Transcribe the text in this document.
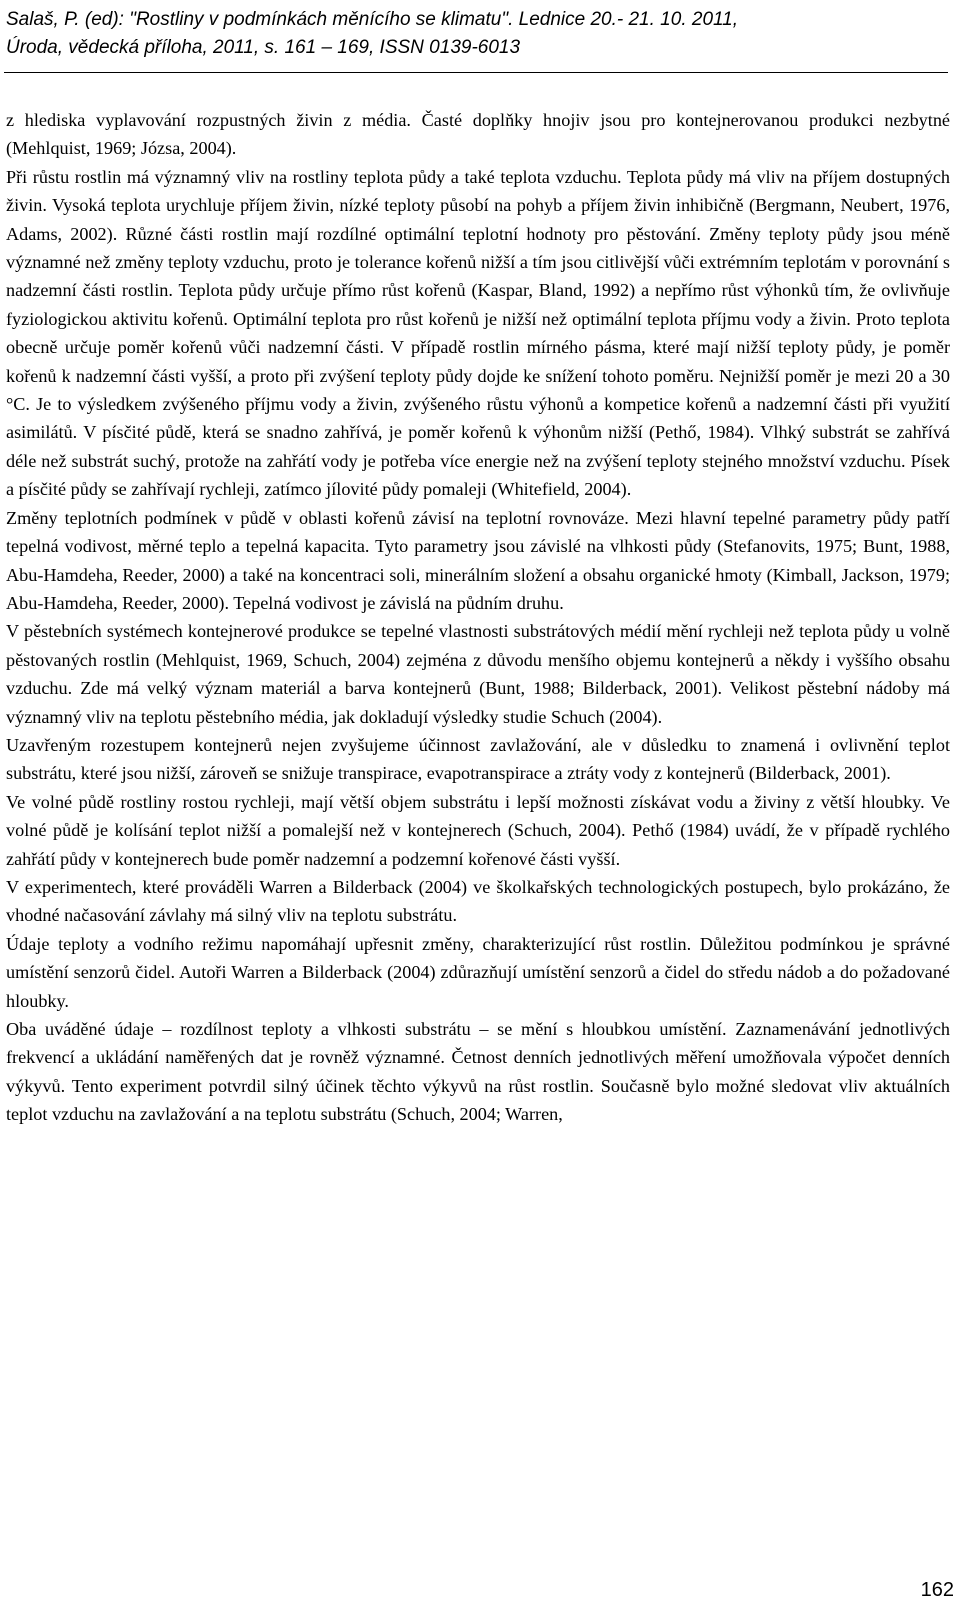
Salaš, P. (ed): "Rostliny v podmínkách měnícího se klimatu". Lednice 20.- 21. 10. 2011,
Úroda, vědecká příloha, 2011, s. 161 – 169, ISSN 0139-6013

z hlediska vyplavování rozpustných živin z média. Časté doplňky hnojiv jsou pro kontejnerovanou produkci nezbytné (Mehlquist, 1969; Józsa, 2004).

Při růstu rostlin má významný vliv na rostliny teplota půdy a také teplota vzduchu. Teplota půdy má vliv na příjem dostupných živin. Vysoká teplota urychluje příjem živin, nízké teploty působí na pohyb a příjem živin inhibičně (Bergmann, Neubert, 1976, Adams, 2002). Různé části rostlin mají rozdílné optimální teplotní hodnoty pro pěstování. Změny teploty půdy jsou méně významné než změny teploty vzduchu, proto je tolerance kořenů nižší a tím jsou citlivější vůči extrémním teplotám v porovnání s nadzemní části rostlin. Teplota půdy určuje přímo růst kořenů (Kaspar, Bland, 1992) a nepřímo růst výhonků tím, že ovlivňuje fyziologickou aktivitu kořenů. Optimální teplota pro růst kořenů je nižší než optimální teplota příjmu vody a živin. Proto teplota obecně určuje poměr kořenů vůči nadzemní části. V případě rostlin mírného pásma, které mají nižší teploty půdy, je poměr kořenů k nadzemní části vyšší, a proto při zvýšení teploty půdy dojde ke snížení tohoto poměru. Nejnižší poměr je mezi 20 a 30 °C. Je to výsledkem zvýšeného příjmu vody a živin, zvýšeného růstu výhonů a kompetice kořenů a nadzemní části při využití asimilátů. V písčité půdě, která se snadno zahřívá, je poměr kořenů k výhonům nižší (Pethő, 1984). Vlhký substrát se zahřívá déle než substrát suchý, protože na zahřátí vody je potřeba více energie než na zvýšení teploty stejného množství vzduchu. Písek a písčité půdy se zahřívají rychleji, zatímco jílovité půdy pomaleji (Whitefield, 2004).

Změny teplotních podmínek v půdě v oblasti kořenů závisí na teplotní rovnováze. Mezi hlavní tepelné parametry půdy patří tepelná vodivost, měrné teplo a tepelná kapacita. Tyto parametry jsou závislé na vlhkosti půdy (Stefanovits, 1975; Bunt, 1988, Abu-Hamdeha, Reeder, 2000) a také na koncentraci soli, minerálním složení a obsahu organické hmoty (Kimball, Jackson, 1979; Abu-Hamdeha, Reeder, 2000). Tepelná vodivost je závislá na půdním druhu.

V pěstebních systémech kontejnerové produkce se tepelné vlastnosti substrátových médií mění rychleji než teplota půdy u volně pěstovaných rostlin (Mehlquist, 1969, Schuch, 2004) zejména z důvodu menšího objemu kontejnerů a někdy i vyššího obsahu vzduchu. Zde má velký význam materiál a barva kontejnerů (Bunt, 1988; Bilderback, 2001). Velikost pěstební nádoby má významný vliv na teplotu pěstebního média, jak dokladují výsledky studie Schuch (2004).

Uzavřeným rozestupem kontejnerů nejen zvyšujeme účinnost zavlažování, ale v důsledku to znamená i ovlivnění teplot substrátu, které jsou nižší, zároveň se snižuje transpirace, evapotranspirace a ztráty vody z kontejnerů (Bilderback, 2001).

Ve volné půdě rostliny rostou rychleji, mají větší objem substrátu i lepší možnosti získávat vodu a živiny z větší hloubky. Ve volné půdě je kolísání teplot nižší a pomalejší než v kontejnerech (Schuch, 2004). Pethő (1984) uvádí, že v případě rychlého zahřátí půdy v kontejnerech bude poměr nadzemní a podzemní kořenové části vyšší.

V experimentech, které prováděli Warren a Bilderback (2004) ve školkařských technologických postupech, bylo prokázáno, že vhodné načasování závlahy má silný vliv na teplotu substrátu.

Údaje teploty a vodního režimu napomáhají upřesnit změny, charakterizující růst rostlin. Důležitou podmínkou je správné umístění senzorů čidel. Autoři Warren a Bilderback (2004) zdůrazňují umístění senzorů a čidel do středu nádob a do požadované hloubky.

Oba uváděné údaje – rozdílnost teploty a vlhkosti substrátu – se mění s hloubkou umístění. Zaznamenávání jednotlivých frekvencí a ukládání naměřených dat je rovněž významné. Četnost denních jednotlivých měření umožňovala výpočet denních výkyvů. Tento experiment potvrdil silný účinek těchto výkyvů na růst rostlin. Současně bylo možné sledovat vliv aktuálních teplot vzduchu na zavlažování a na teplotu substrátu (Schuch, 2004; Warren,

162
